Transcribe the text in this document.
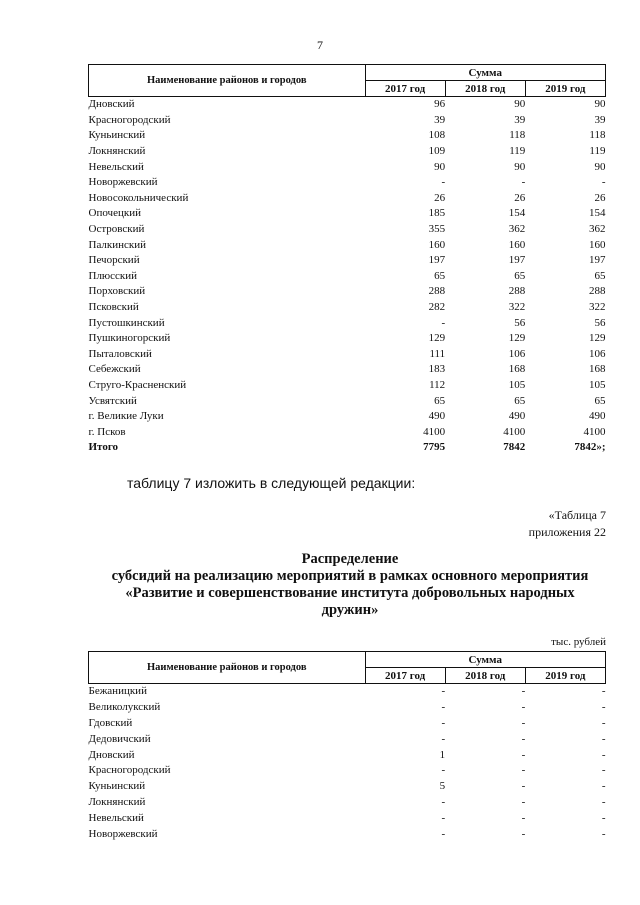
7
Наименование районов и городов	Сумма		
	2017 год	2018 год	2019 год
Дновский	96	90	90
Красногородский	39	39	39
Куньинский	108	118	118
Локнянский	109	119	119
Невельский	90	90	90
Новоржевский	-	-	-
Новосокольнический	26	26	26
Опочецкий	185	154	154
Островский	355	362	362
Палкинский	160	160	160
Печорский	197	197	197
Плюсский	65	65	65
Порховский	288	288	288
Псковский	282	322	322
Пустошкинский	-	56	56
Пушкиногорский	129	129	129
Пыталовский	111	106	106
Себежский	183	168	168
Струго-Красненский	112	105	105
Усвятский	65	65	65
г. Великие Луки	490	490	490
г. Псков	4100	4100	4100
Итого	7795	7842	7842»;
таблицу 7 изложить в следующей редакции:
«Таблица 7
приложения 22
Распределение
субсидий на реализацию мероприятий в рамках основного мероприятия
«Развитие и совершенствование института добровольных народных
дружин»
тыс. рублей
Наименование районов и городов	Сумма		
	2017 год	2018 год	2019 год
Бежаницкий	-	-	-
Великолукский	-	-	-
Гдовский	-	-	-
Дедовичский	-	-	-
Дновский	1	-	-
Красногородский	-	-	-
Куньинский	5	-	-
Локнянский	-	-	-
Невельский	-	-	-
Новоржевский	-	-	-
